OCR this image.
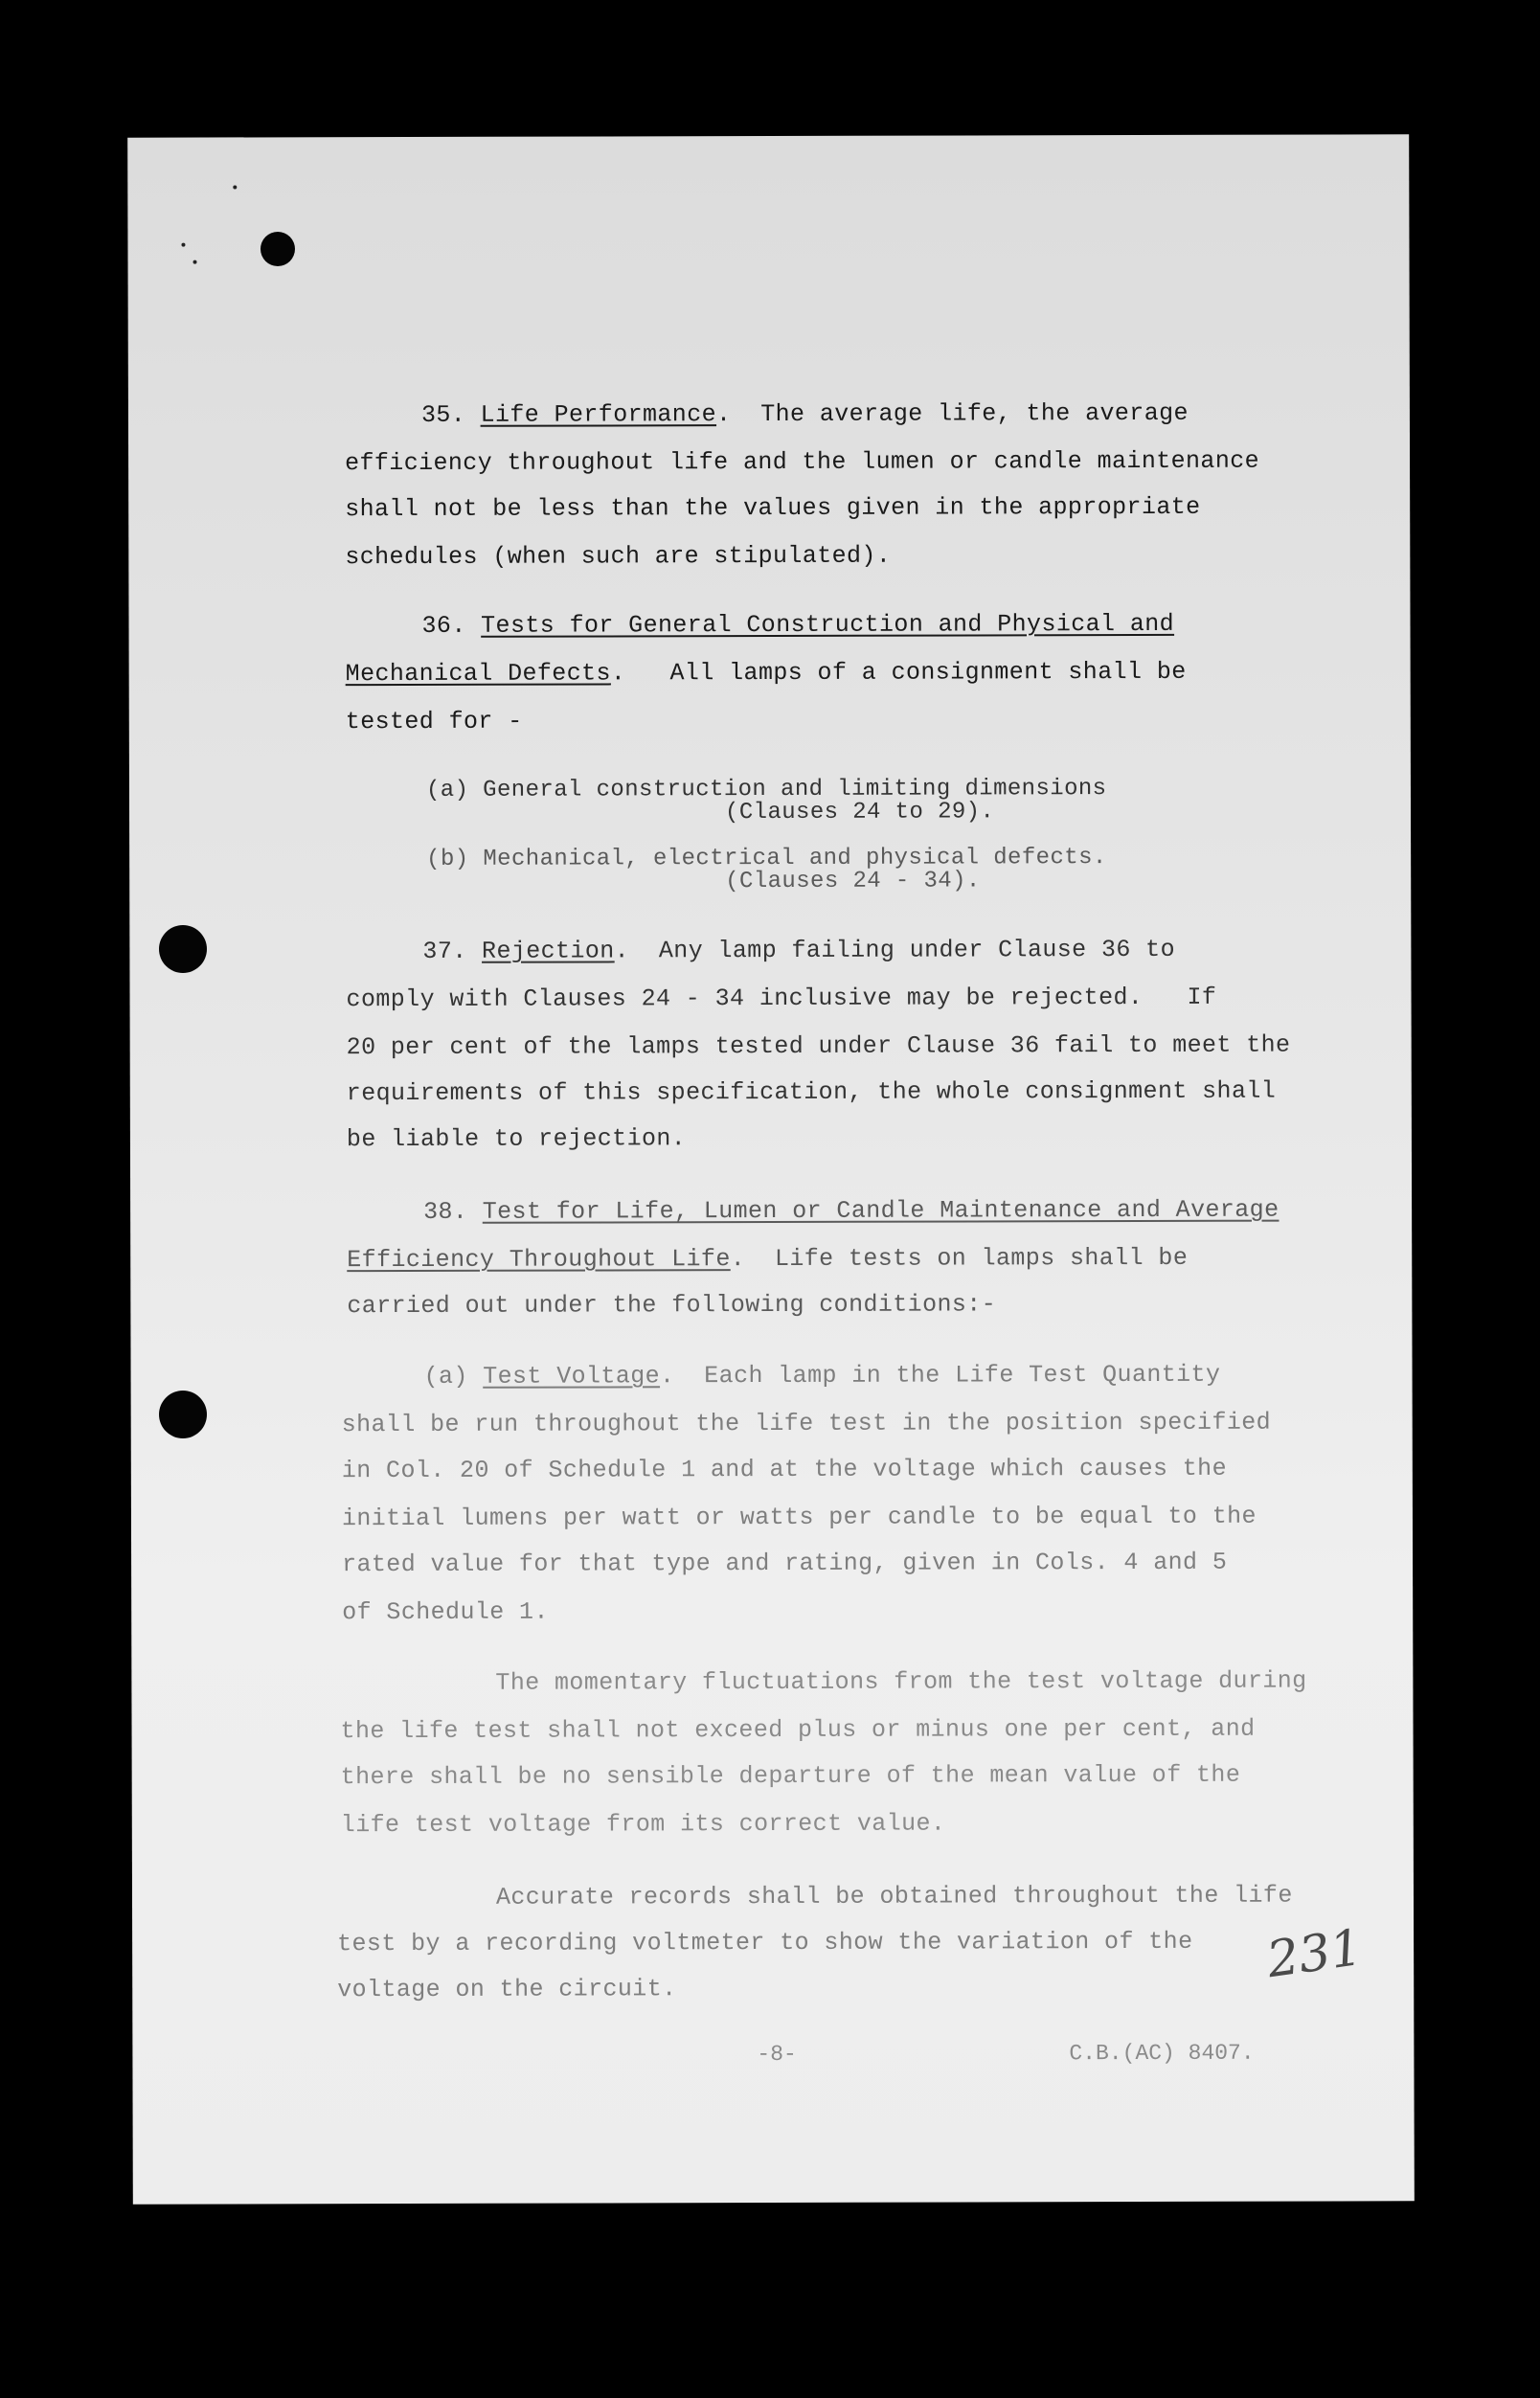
35. Life Performance.  The average life, the average
efficiency throughout life and the lumen or candle maintenance
shall not be less than the values given in the appropriate
schedules (when such are stipulated).
36. Tests for General Construction and Physical and
Mechanical Defects.   All lamps of a consignment shall be
tested for -
(a) General construction and limiting dimensions
(Clauses 24 to 29).
(b) Mechanical, electrical and physical defects.
(Clauses 24 - 34).
37. Rejection.  Any lamp failing under Clause 36 to
comply with Clauses 24 - 34 inclusive may be rejected.   If
20 per cent of the lamps tested under Clause 36 fail to meet the
requirements of this specification, the whole consignment shall
be liable to rejection.
38. Test for Life, Lumen or Candle Maintenance and Average
Efficiency Throughout Life.  Life tests on lamps shall be
carried out under the following conditions:-
(a) Test Voltage.  Each lamp in the Life Test Quantity
shall be run throughout the life test in the position specified
in Col. 20 of Schedule 1 and at the voltage which causes the
initial lumens per watt or watts per candle to be equal to the
rated value for that type and rating, given in Cols. 4 and 5
of Schedule 1.
The momentary fluctuations from the test voltage during
the life test shall not exceed plus or minus one per cent, and
there shall be no sensible departure of the mean value of the
life test voltage from its correct value.
Accurate records shall be obtained throughout the life
test by a recording voltmeter to show the variation of the
voltage on the circuit.	231
-8-	C.B.(AC) 8407.
